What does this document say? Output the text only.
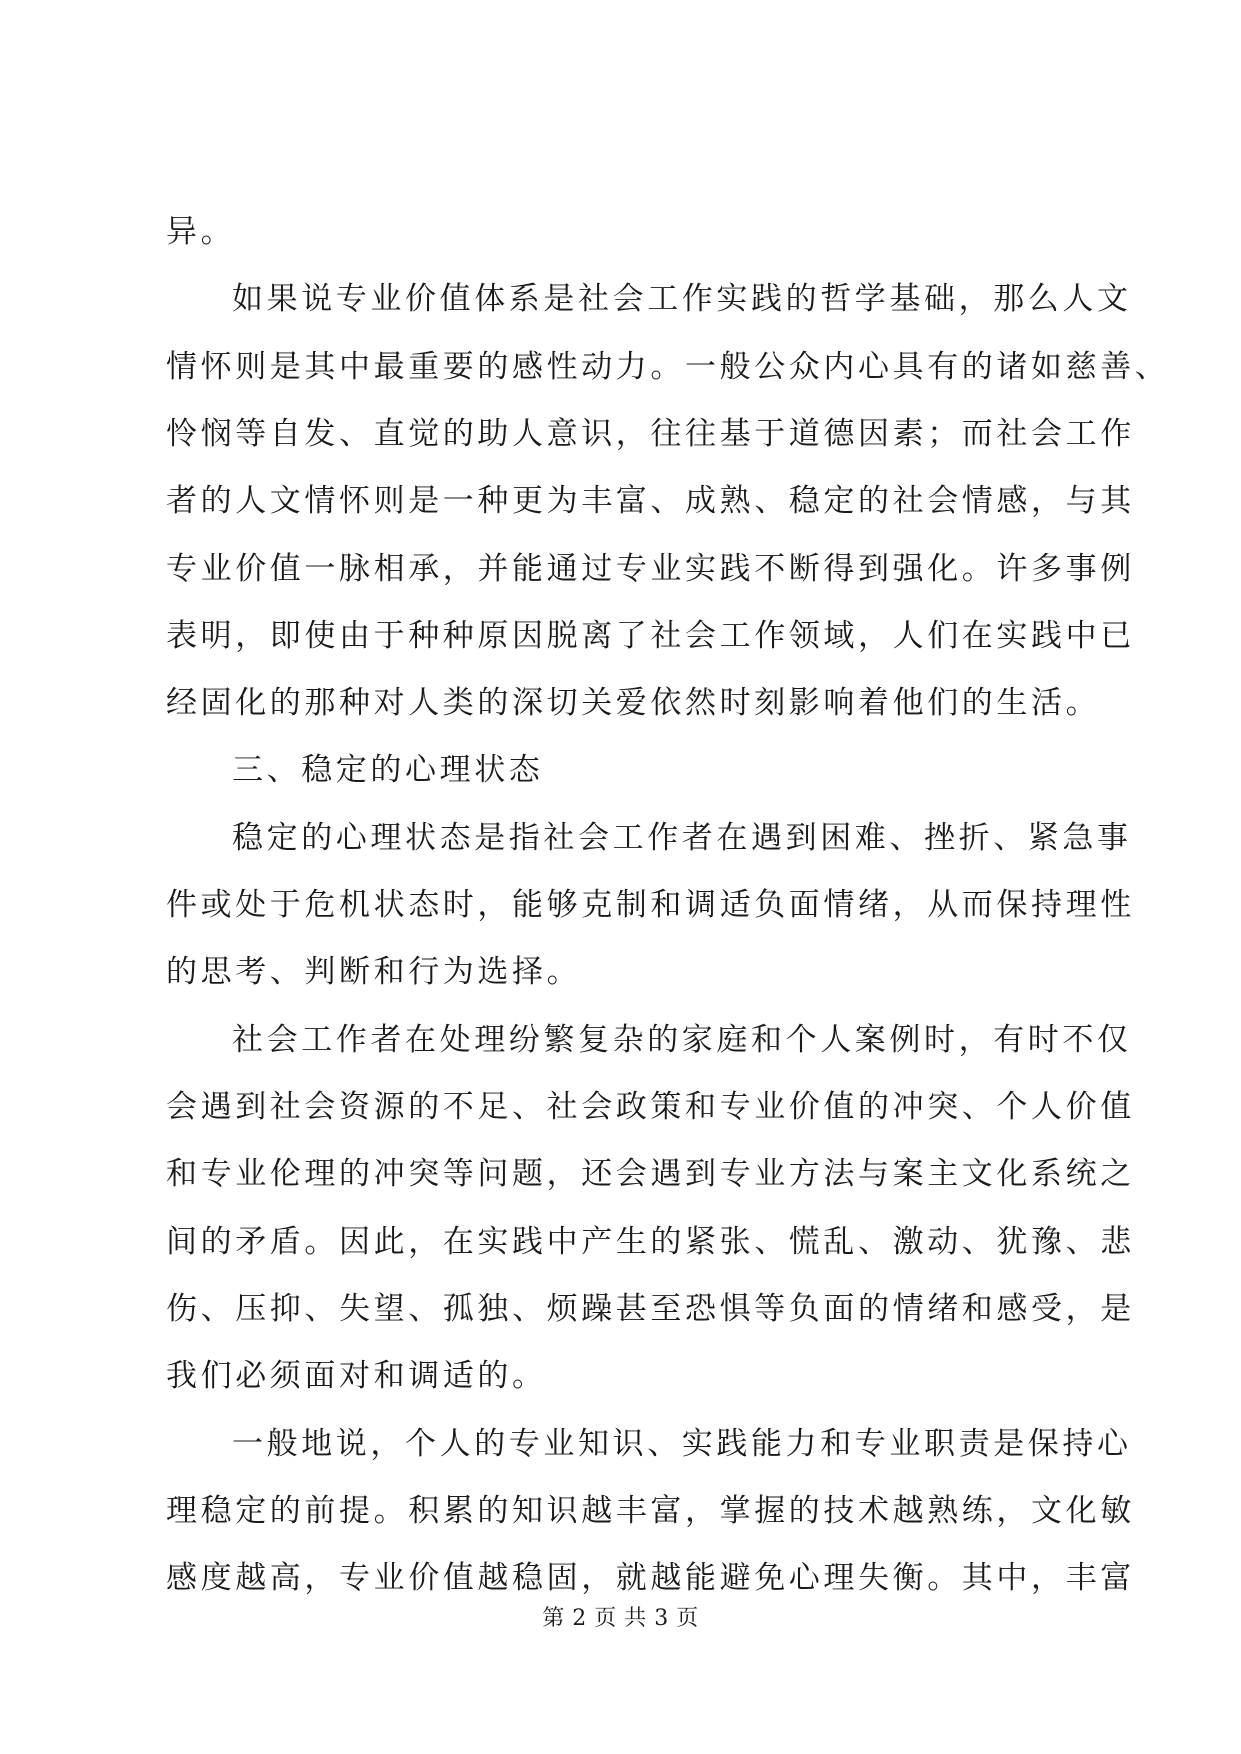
异。
如果说专业价值体系是社会工作实践的哲学基础，那么人文
情怀则是其中最重要的感性动力。一般公众内心具有的诸如慈善、
怜悯等自发、直觉的助人意识，往往基于道德因素；而社会工作
者的人文情怀则是一种更为丰富、成熟、稳定的社会情感，与其
专业价值一脉相承，并能通过专业实践不断得到强化。许多事例
表明，即使由于种种原因脱离了社会工作领域，人们在实践中已
经固化的那种对人类的深切关爱依然时刻影响着他们的生活。
三、稳定的心理状态
稳定的心理状态是指社会工作者在遇到困难、挫折、紧急事
件或处于危机状态时，能够克制和调适负面情绪，从而保持理性
的思考、判断和行为选择。
社会工作者在处理纷繁复杂的家庭和个人案例时，有时不仅
会遇到社会资源的不足、社会政策和专业价值的冲突、个人价值
和专业伦理的冲突等问题，还会遇到专业方法与案主文化系统之
间的矛盾。因此，在实践中产生的紧张、慌乱、激动、犹豫、悲
伤、压抑、失望、孤独、烦躁甚至恐惧等负面的情绪和感受，是
我们必须面对和调适的。
一般地说，个人的专业知识、实践能力和专业职责是保持心
理稳定的前提。积累的知识越丰富，掌握的技术越熟练，文化敏
感度越高，专业价值越稳固，就越能避免心理失衡。其中，丰富
第 2 页 共 3 页
